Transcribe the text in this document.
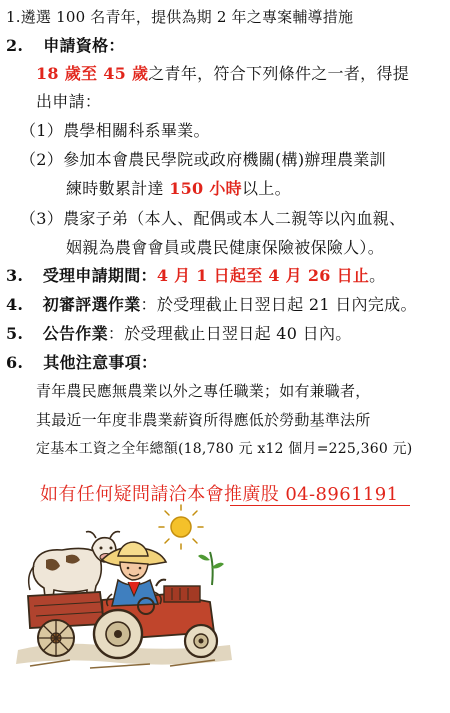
1.遴選 100 名青年，提供為期 2 年之專案輔導措施
2. 申請資格：
18 歲至 45 歲之青年，符合下列條件之一者，得提
出申請：
（1）農學相關科系畢業。
（2）參加本會農民學院或政府機關(構)辦理農業訓
練時數累計達 150 小時以上。
（3）農家子弟（本人、配偶或本人二親等以內血親、
姻親為農會會員或農民健康保險被保險人）。
3. 受理申請期間：4 月 1 日起至 4 月 26 日止。
4. 初審評選作業：於受理截止日翌日起 21 日內完成。
5. 公告作業：於受理截止日翌日起 40 日內。
6. 其他注意事項：
青年農民應無農業以外之專任職業；如有兼職者，
其最近一年度非農業薪資所得應低於勞動基準法所
定基本工資之全年總額(18,780 元 x12 個月=225,360 元)
如有任何疑問請洽本會推廣股 04-8961191
